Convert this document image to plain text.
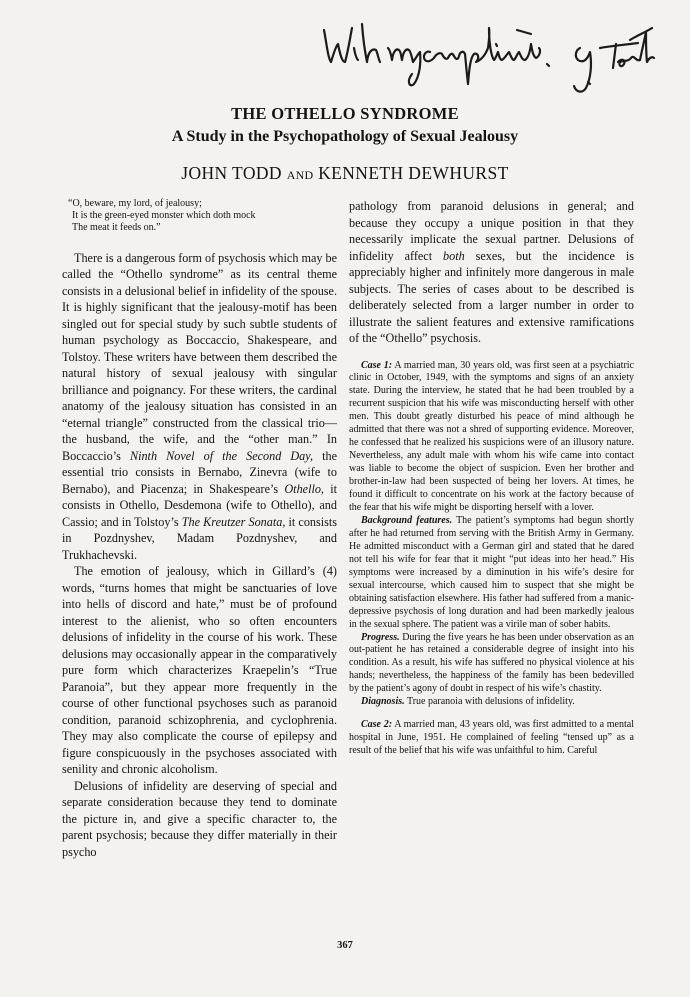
THE OTHELLO SYNDROME
A Study in the Psychopathology of Sexual Jealousy
JOHN TODD AND KENNETH DEWHURST
“O, beware, my lord, of jealousy;
It is the green-eyed monster which doth mock
The meat it feeds on.”

There is a dangerous form of psychosis which may be called the “Othello syndrome” as its central theme consists in a delusional belief in infidelity of the spouse. It is highly significant that the jealousy-motif has been singled out for special study by such subtle students of human psychology as Boccaccio, Shakespeare, and Tolstoy. These writers have between them described the natural history of sexual jealousy with singular brilliance and poignancy. For these writers, the cardinal anatomy of the jealousy situation has consisted in an “eternal triangle” constructed from the classical trio—the husband, the wife, and the “other man.” In Boccaccio’s Ninth Novel of the Second Day, the essential trio consists in Bernabo, Zinevra (wife to Bernabo), and Piacenza; in Shakespeare’s Othello, it consists in Othello, Desdemona (wife to Othello), and Cassio; and in Tolstoy’s The Kreutzer Sonata, it consists in Pozdnyshev, Madam Pozdnyshev, and Trukhachevski.

The emotion of jealousy, which in Gillard’s (4) words, “turns homes that might be sanctuaries of love into hells of discord and hate,” must be of profound interest to the alienist, who so often encounters delusions of infidelity in the course of his work. These delusions may occasionally appear in the comparatively pure form which characterizes Kraepelin’s “True Paranoia”, but they appear more frequently in the course of other functional psychoses such as paranoid condition, paranoid schizophrenia, and cyclophrenia. They may also complicate the course of epilepsy and figure conspicuously in the psychoses associated with senility and chronic alcoholism.

Delusions of infidelity are deserving of special and separate consideration because they tend to dominate the picture in, and give a specific character to, the parent psychosis; because they differ materially in their psycho

pathology from paranoid delusions in general; and because they occupy a unique position in that they necessarily implicate the sexual partner. Delusions of infidelity affect both sexes, but the incidence is appreciably higher and infinitely more dangerous in male subjects. The series of cases about to be described is deliberately selected from a larger number in order to illustrate the salient features and extensive ramifications of the “Othello” psychosis.

Case 1: A married man, 30 years old, was first seen at a psychiatric clinic in October, 1949, with the symptoms and signs of an anxiety state. During the interview, he stated that he had been troubled by a recurrent suspicion that his wife was misconducting herself with other men. This doubt greatly disturbed his peace of mind although he admitted that there was not a shred of supporting evidence. Moreover, he confessed that he realized his suspicions were of an illusory nature. Nevertheless, any adult male with whom his wife came into contact was liable to become the object of suspicion. Even her brother and brother-in-law had been suspected of being her lovers. At times, he found it difficult to concentrate on his work at the factory because of the fear that his wife might be disporting herself with a lover.

Background features. The patient’s symptoms had begun shortly after he had returned from serving with the British Army in Germany. He admitted misconduct with a German girl and stated that he dared not tell his wife for fear that it might “put ideas into her head.” His symptoms were increased by a diminution in his wife’s desire for sexual intercourse, which caused him to suspect that she might be obtaining satisfaction elsewhere. His father had suffered from a manic-depressive psychosis of long duration and had been markedly jealous in the sexual sphere. The patient was a virile man of sober habits.

Progress. During the five years he has been under observation as an out-patient he has retained a considerable degree of insight into his condition. As a result, his wife has suffered no physical violence at his hands; nevertheless, the happiness of the family has been bedevilled by the patient’s agony of doubt in respect of his wife’s chastity.

Diagnosis. True paranoia with delusions of infidelity.

Case 2: A married man, 43 years old, was first admitted to a mental hospital in June, 1951. He complained of feeling “tensed up” as a result of the belief that his wife was unfaithful to him. Careful

367
